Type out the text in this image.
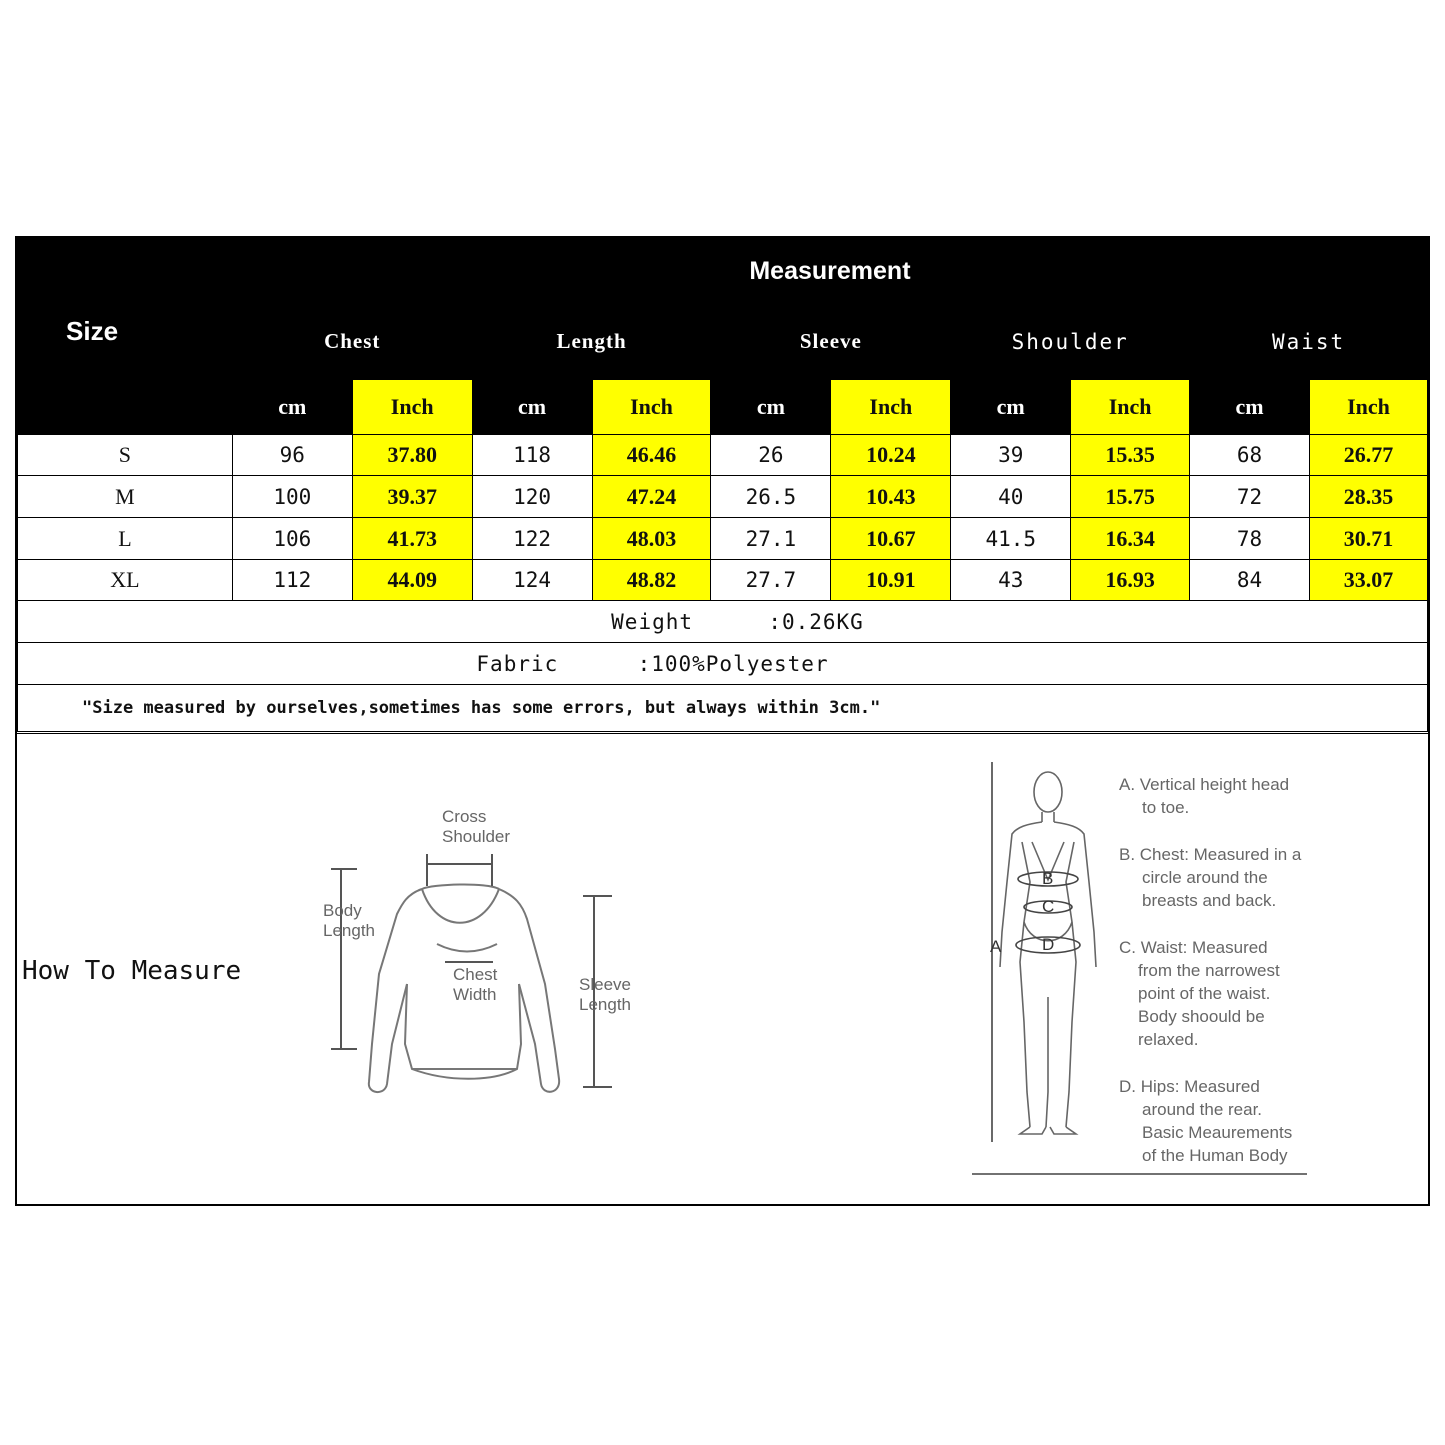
Size	Measurement									
	Chest		Length		Sleeve		Shoulder		Waist	
	cm	Inch	cm	Inch	cm	Inch	cm	Inch	cm	Inch
S	96	37.80	118	46.46	26	10.24	39	15.35	68	26.77
M	100	39.37	120	47.24	26.5	10.43	40	15.75	72	28.35
L	106	41.73	122	48.03	27.1	10.67	41.5	16.34	78	30.71
XL	112	44.09	124	48.82	27.7	10.91	43	16.93	84	33.07
Weight :0.26KG										
Fabric :100%Polyester										
"Size measured by ourselves,sometimes has some errors, but always within 3cm."										
How To Measure
Cross
Shoulder
Body
Length
Chest
Width
Sleeve
Length
B
C
D
A
A. Vertical height head
to toe.
B. Chest: Measured in a
circle around the
breasts and back.
C. Waist: Measured
from the narrowest
point of the waist.
Body shoould be
relaxed.
D. Hips: Measured
around the rear.
Basic Meaurements
of the Human Body
